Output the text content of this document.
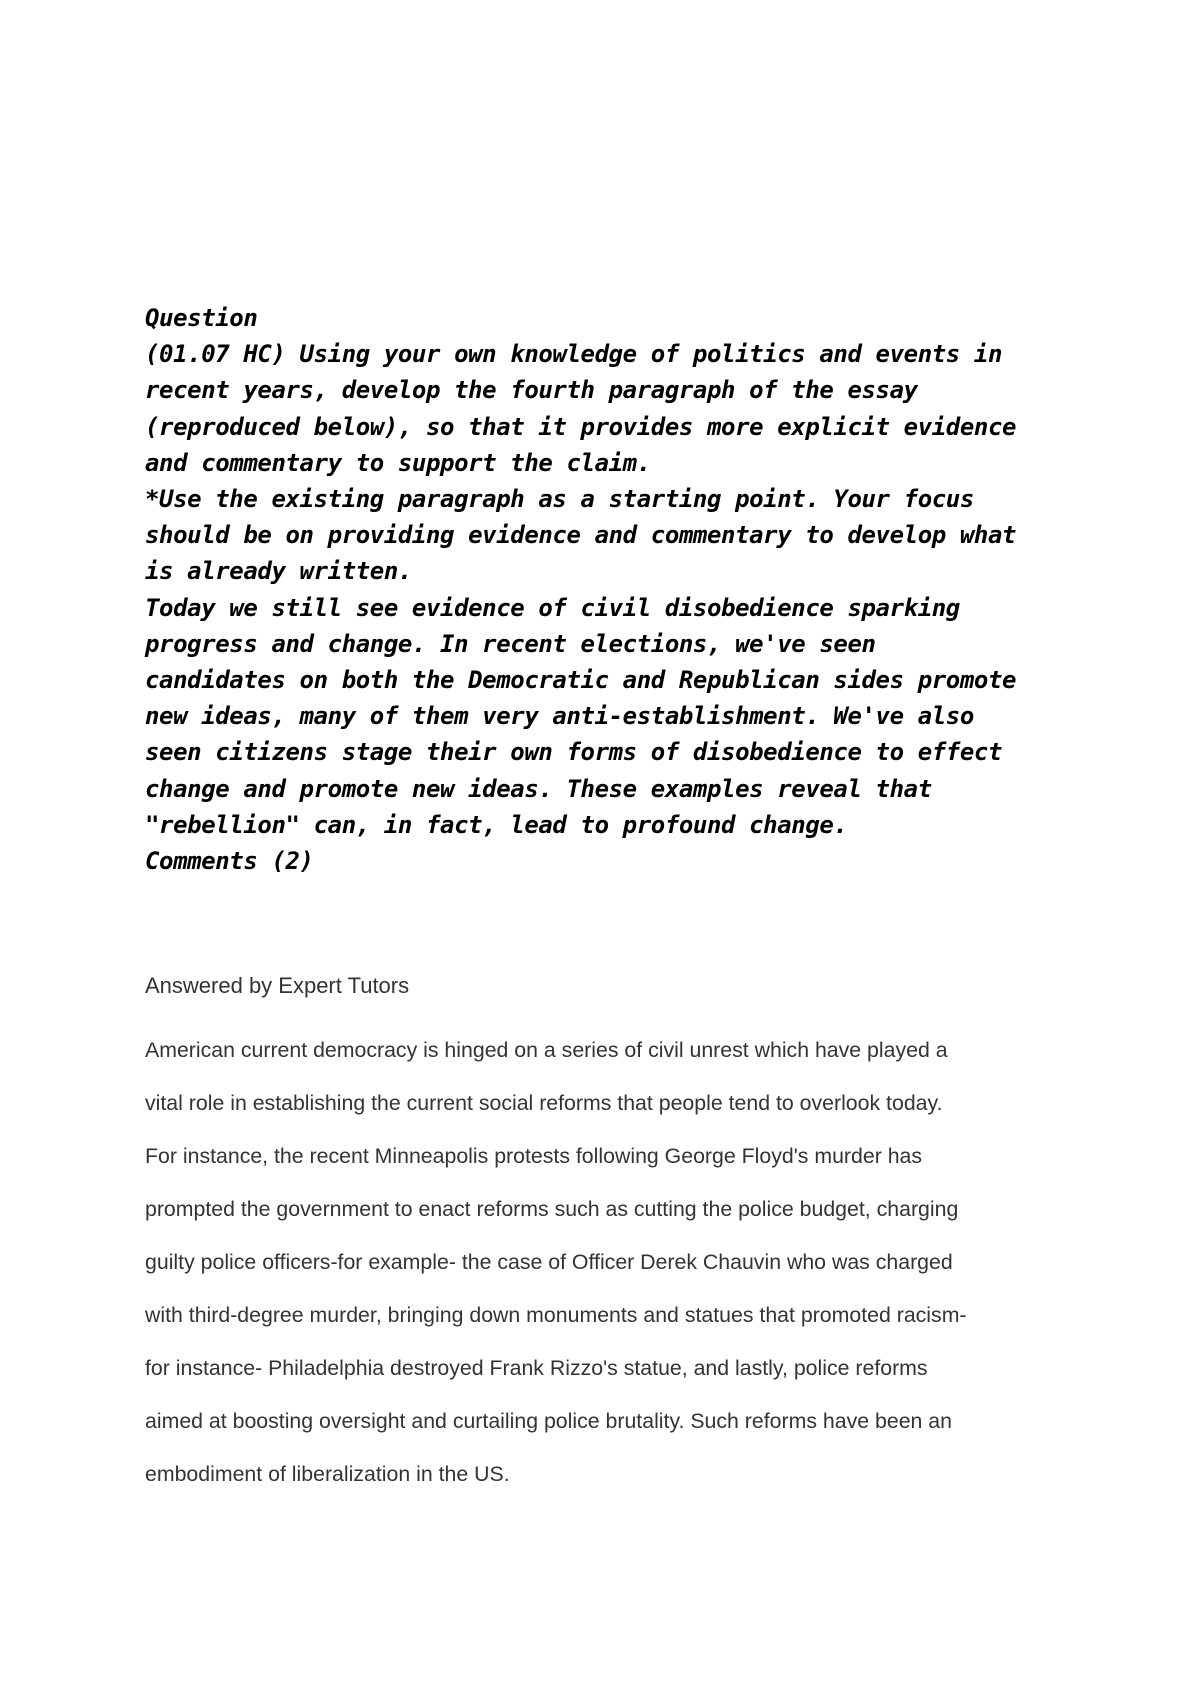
Question
(01.07 HC) Using your own knowledge of politics and events in
recent years, develop the fourth paragraph of the essay
(reproduced below), so that it provides more explicit evidence
and commentary to support the claim.
*Use the existing paragraph as a starting point. Your focus
should be on providing evidence and commentary to develop what
is already written.
Today we still see evidence of civil disobedience sparking
progress and change. In recent elections, we've seen
candidates on both the Democratic and Republican sides promote
new ideas, many of them very anti-establishment. We've also
seen citizens stage their own forms of disobedience to effect
change and promote new ideas. These examples reveal that
"rebellion" can, in fact, lead to profound change.
Comments (2)

Answered by Expert Tutors

American current democracy is hinged on a series of civil unrest which have played a
vital role in establishing the current social reforms that people tend to overlook today.
For instance, the recent Minneapolis protests following George Floyd's murder has
prompted the government to enact reforms such as cutting the police budget, charging
guilty police officers-for example- the case of Officer Derek Chauvin who was charged
with third-degree murder, bringing down monuments and statues that promoted racism-
for instance- Philadelphia destroyed Frank Rizzo's statue, and lastly, police reforms
aimed at boosting oversight and curtailing police brutality. Such reforms have been an
embodiment of liberalization in the US.
